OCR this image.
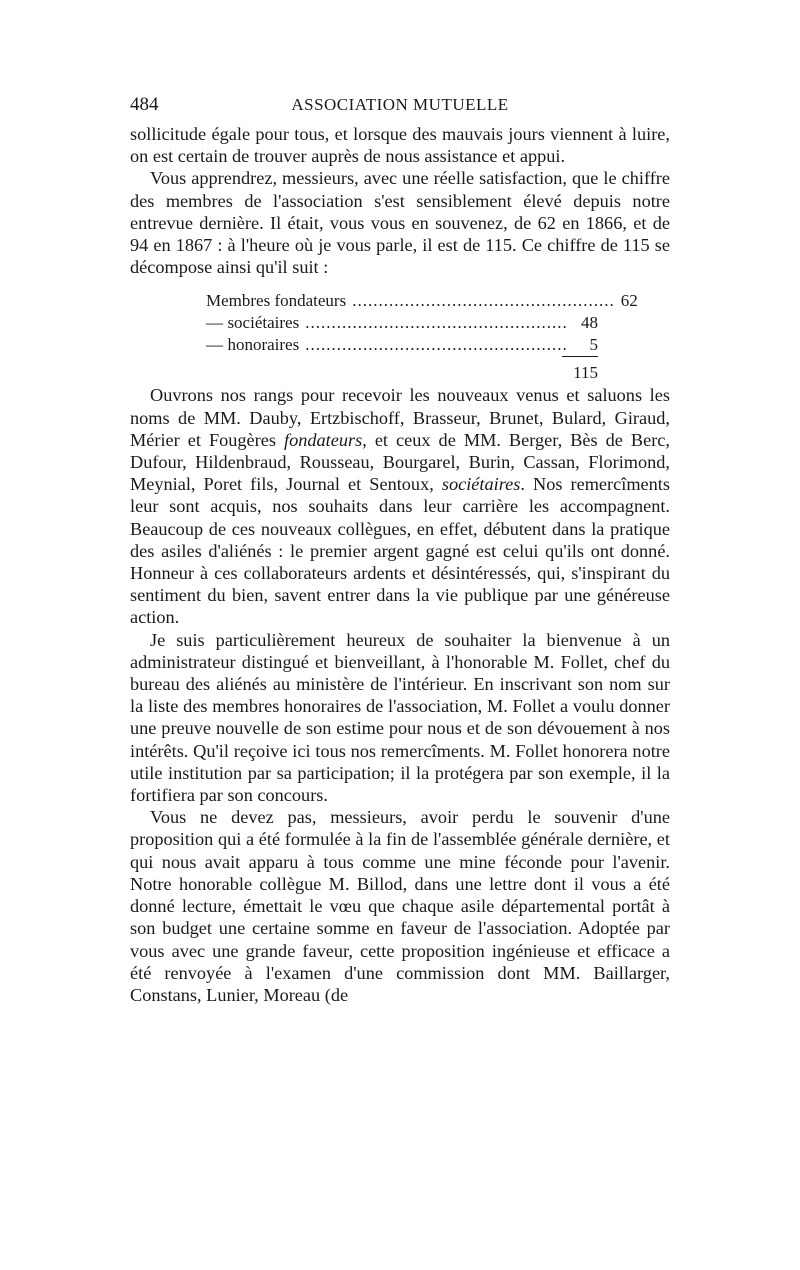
484	ASSOCIATION MUTUELLE

sollicitude égale pour tous, et lorsque des mauvais jours viennent à luire, on est certain de trouver auprès de nous assistance et appui.

Vous apprendrez, messieurs, avec une réelle satisfaction, que le chiffre des membres de l'association s'est sensiblement élevé depuis notre entrevue dernière. Il était, vous vous en souvenez, de 62 en 1866, et de 94 en 1867 : à l'heure où je vous parle, il est de 115. Ce chiffre de 115 se décompose ainsi qu'il suit :

Membres fondateurs .................................................. 62
— sociétaires .................................................. 48
— honoraires ..................................................	5
115

Ouvrons nos rangs pour recevoir les nouveaux venus et saluons les noms de MM. Dauby, Ertzbischoff, Brasseur, Brunet, Bulard, Giraud, Mérier et Fougères fondateurs, et ceux de MM. Berger, Bès de Berc, Dufour, Hildenbraud, Rousseau, Bourgarel, Burin, Cassan, Florimond, Meynial, Poret fils, Journal et Sentoux, sociétaires. Nos remercîments leur sont acquis, nos souhaits dans leur carrière les accompagnent. Beaucoup de ces nouveaux collègues, en effet, débutent dans la pratique des asiles d'aliénés : le premier argent gagné est celui qu'ils ont donné. Honneur à ces collaborateurs ardents et désintéressés, qui, s'inspirant du sentiment du bien, savent entrer dans la vie publique par une généreuse action.

Je suis particulièrement heureux de souhaiter la bienvenue à un administrateur distingué et bienveillant, à l'honorable M. Follet, chef du bureau des aliénés au ministère de l'intérieur. En inscrivant son nom sur la liste des membres honoraires de l'association, M. Follet a voulu donner une preuve nouvelle de son estime pour nous et de son dévouement à nos intérêts. Qu'il reçoive ici tous nos remercîments. M. Follet honorera notre utile institution par sa participation; il la protégera par son exemple, il la fortifiera par son concours.

Vous ne devez pas, messieurs, avoir perdu le souvenir d'une proposition qui a été formulée à la fin de l'assemblée générale dernière, et qui nous avait apparu à tous comme une mine féconde pour l'avenir. Notre honorable collègue M. Billod, dans une lettre dont il vous a été donné lecture, émettait le vœu que chaque asile départemental portât à son budget une certaine somme en faveur de l'association. Adoptée par vous avec une grande faveur, cette proposition ingénieuse et efficace a été renvoyée à l'examen d'une commission dont MM. Baillarger, Constans, Lunier, Moreau (de
